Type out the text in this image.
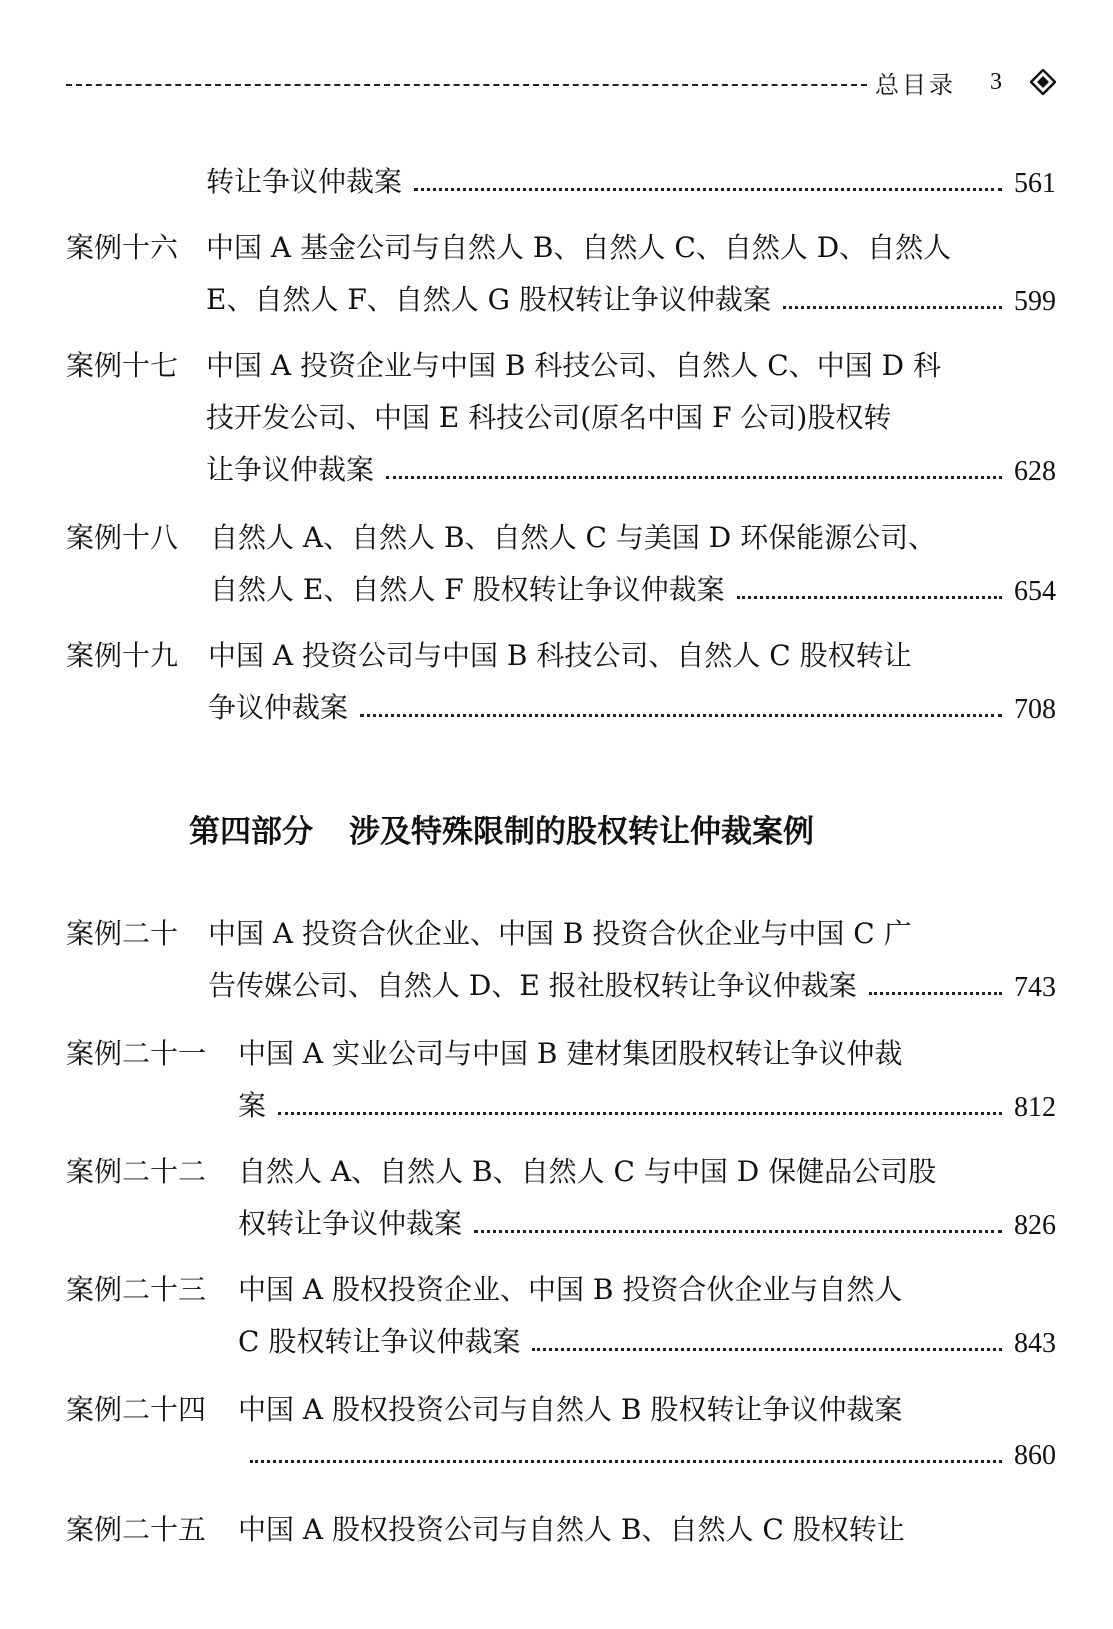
总目录 3
转让争议仲裁案	561
案例十六 中国 A 基金公司与自然人 B、自然人 C、自然人 D、自然人
E、自然人 F、自然人 G 股权转让争议仲裁案	599
案例十七 中国 A 投资企业与中国 B 科技公司、自然人 C、中国 D 科
技开发公司、中国 E 科技公司(原名中国 F 公司)股权转
让争议仲裁案	628
案例十八 自然人 A、自然人 B、自然人 C 与美国 D 环保能源公司、
自然人 E、自然人 F 股权转让争议仲裁案	654
案例十九 中国 A 投资公司与中国 B 科技公司、自然人 C 股权转让
争议仲裁案	708
第四部分 涉及特殊限制的股权转让仲裁案例
案例二十 中国 A 投资合伙企业、中国 B 投资合伙企业与中国 C 广
告传媒公司、自然人 D、E 报社股权转让争议仲裁案	743
案例二十一 中国 A 实业公司与中国 B 建材集团股权转让争议仲裁
案	812
案例二十二 自然人 A、自然人 B、自然人 C 与中国 D 保健品公司股
权转让争议仲裁案	826
案例二十三 中国 A 股权投资企业、中国 B 投资合伙企业与自然人
C 股权转让争议仲裁案	843
案例二十四 中国 A 股权投资公司与自然人 B 股权转让争议仲裁案
860
案例二十五 中国 A 股权投资公司与自然人 B、自然人 C 股权转让
